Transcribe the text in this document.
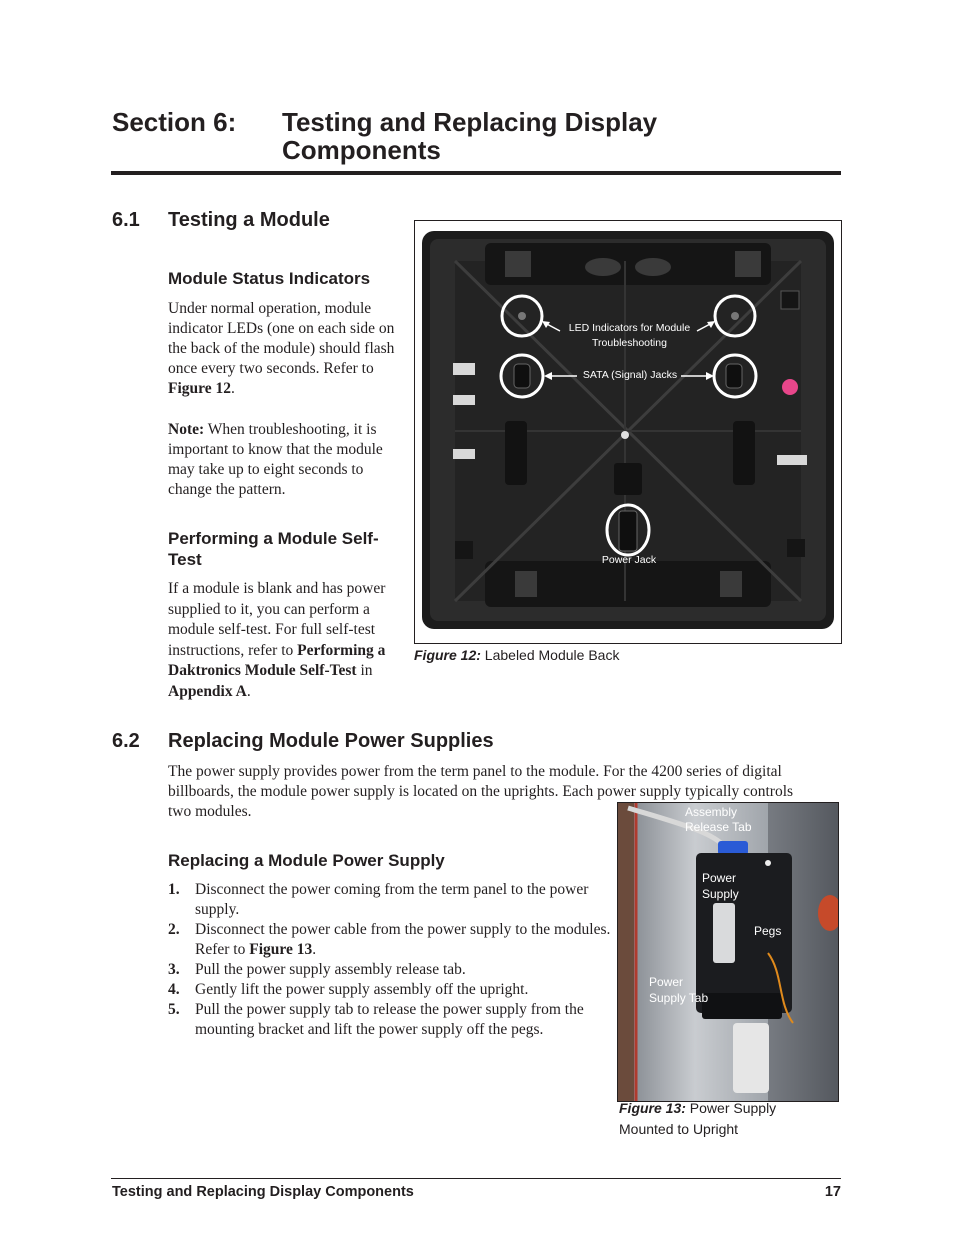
Section 6: Testing and Replacing Display Components
6.1 Testing a Module
Module Status Indicators

Under normal operation, module indicator LEDs (one on each side on the back of the module) should flash once every two seconds. Refer to Figure 12.

Note: When troubleshooting, it is important to know that the module may take up to eight seconds to change the pattern.

Performing a Module Self-Test

If a module is blank and has power supplied to it, you can perform a module self-test. For full self-test instructions, refer to Performing a Daktronics Module Self-Test in Appendix A.

LED Indicators for Module Troubleshooting
SATA (Signal) Jacks
Power Jack
Figure 12: Labeled Module Back
6.2 Replacing Module Power Supplies

The power supply provides power from the term panel to the module. For the 4200 series of digital billboards, the module power supply is located on the uprights. Each power supply typically controls two modules.

Replacing a Module Power Supply
1. Disconnect the power coming from the term panel to the power supply.
2. Disconnect the power cable from the power supply to the modules. Refer to Figure 13.
3. Pull the power supply assembly release tab.
4. Gently lift the power supply assembly off the upright.
5. Pull the power supply tab to release the power supply from the mounting bracket and lift the power supply off the pegs.
Assembly Release Tab
Power Supply
Pegs
Power Supply Tab
Figure 13: Power Supply Mounted to Upright
Testing and Replacing Display Components	17
